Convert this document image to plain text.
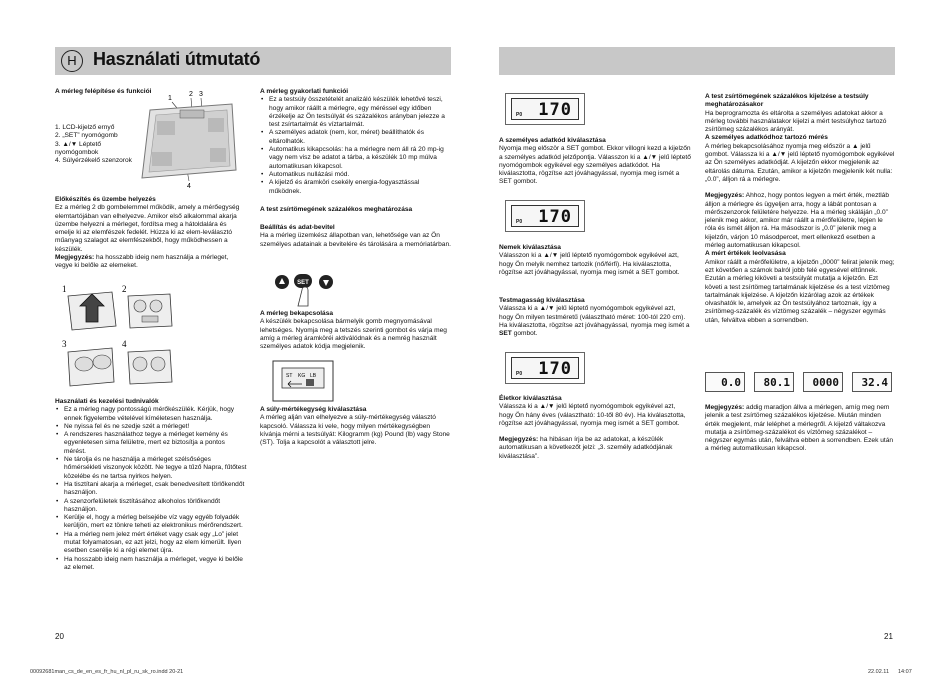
H Használati útmutató

A mérleg felépítése és funkciói

1. LCD-kijelző ernyő

2. „SET” nyomógomb

3. ▲/▼ Léptető

nyomógombok

4. Súlyérzékelő szenzorok

1
2 3
4

Előkészítés és üzembe helyezés

Ez a mérleg 2 db gombelemmel működik, amely a mérőegység elemtartójában van elhelyezve. Amikor első alkalommal akarja üzembe helyezni a mérleget, fordítsa meg a hátoldalára és emelje ki az elemfészek fedelét. Húzza ki az elem-leválasztó műanyag szalagot az elemfészekből, hogy működhessen a készülék.

Megjegyzés: ha hosszabb ideig nem használja a mérleget, vegye ki belőle az elemeket.

1	2
3	4

Használati és kezelési tudnivalók

• Ez a mérleg nagy pontosságú mérőkészülék. Kérjük, hogy ennek figyelembe vételével kíméletesen használja.
• Ne nyissa fel és ne szedje szét a mérleget!
• A rendszeres használathoz tegye a mérleget kemény és egyenletesen sima felületre, mert ez biztosítja a pontos mérést.
• Ne tárolja és ne használja a mérleget szélsőséges hőmérsékleti viszonyok között. Ne tegye a tűző Napra, fűtőtest közelébe és ne tartsa nyirkos helyen.
• Ha tisztítani akarja a mérleget, csak benedvesített törlőkendőt használjon.
• A szenzorfelületek tisztításához alkoholos törlőkendőt használjon.
• Kerülje el, hogy a mérleg belsejébe víz vagy egyéb folyadék kerüljön, mert ez tönkre teheti az elektronikus mérőrendszert.
• Ha a mérleg nem jelez mért értéket vagy csak egy „Lo” jelet mutat folyamatosan, ez azt jelzi, hogy az elem kimerült. Ilyen esetben cserélje ki a régi elemet újra.
• Ha hosszabb ideig nem használja a mérleget, vegye ki belőle az elemet.
20

A mérleg gyakorlati funkciói

• Ez a testsúly összetételét analizáló készülék lehetővé teszi, hogy amikor ráállt a mérlegre, egy méréssel egy időben érzékelje az Ön testsúlyát és százalékos arányban jelezze a test zsírtartalmát és víztartalmát.
• A személyes adatok (nem, kor, méret) beállíthatók és eltárolhatók.
• Automatikus kikapcsolás: ha a mérlegre nem áll rá 20 mp-ig vagy nem visz be adatot a tárba, a készülék 10 mp múlva automatikusan kikapcsol.
• Automatikus nullázási mód.
• A kijelző és áramköri csekély energia-fogyasztással működnek.

A test zsírtömegének százalékos meghatározása

Beállítás és adat-bevitel

Ha a mérleg üzemkész állapotban van, lehetősége van az Ön személyes adatainak a bevitelére és tárolására a memóriatárban.

SET

A mérleg bekapcsolása

A készülék bekapcsolása bármelyik gomb megnyomásával lehetséges. Nyomja meg a tetszés szerinti gombot és várja meg amíg a mérleg áramköréi aktiválódnak és a nemrég használt személyes adatok kódja megjelenik.

ST KG LB

A súly-mértékegység kiválasztása

A mérleg alján van elhelyezve a súly-mértékegység választó kapcsoló. Válassza ki vele, hogy milyen mértékegységben kívánja mérni a testsúlyát: Kilogramm (kg) Pound (lb) vagy Stone (ST). Tolja a kapcsolót a választott jelre.

170
P0

A személyes adatkód kiválasztása

Nyomja meg először a SET gombot. Ekkor villogni kezd a kijelzőn a személyes adatkód jelzőpontja. Válasszon ki a ▲/▼ jelű léptető nyomógombok egyikével egy személyes adatkódot. Ha kiválasztotta, rögzítse azt jóváhagyással, nyomja meg ismét a SET gombot.

170
P0

Nemek kiválasztása

Válasszon ki a ▲/▼ jelű léptető nyomógombok egyikével azt, hogy Ön melyik nemhez tartozik (nő/férfi). Ha kiválasztotta, rögzítse azt jóváhagyással, nyomja meg ismét a SET gombot.

Testmagasság kiválasztása

Válassza ki a ▲/▼ jelű léptető nyomógombok egyikével azt, hogy Ön milyen testméretű (választható méret: 100-tól 220 cm). Ha kiválasztotta, rögzítse azt jóváhagyással, nyomja meg ismét a SET gombot.

170
P0

Életkor kiválasztása

Válassza ki a ▲/▼ jelű léptető nyomógombok egyikével azt, hogy Ön hány éves (választható: 10-től 80 év). Ha kiválasztotta, rögzítse azt jóváhagyással, nyomja meg ismét a SET gombot.

Megjegyzés: ha hibásan írja be az adatokat, a készülék automatikusan a következőt jelzi: „3. személy adatkódjának kiválasztása”.

A test zsírtömegének százalékos kijelzése a testsúly meghatározásakor

Ha beprogramozta és eltárolta a személyes adatokat akkor a mérleg további használatakor kijelzi a mért testsúlyhoz tartozó zsírtömeg százalékos arányát.

A személyes adatkódhoz tartozó mérés

A mérleg bekapcsolásához nyomja meg először a ▲ jelű gombot. Válassza ki a ▲/▼ jelű léptető nyomógombok egyikével az Ön személyes adatkódját. A kijelzőn ekkor megjelenik az eltárolás dátuma. Ezután, amikor a kijelzőn megjelenik két nulla: „0.0”, álljon rá a mérlegre.

Megjegyzés: Ahhoz, hogy pontos legyen a mért érték, meztláb álljon a mérlegre és ügyeljen arra, hogy a lábát pontosan a mérőszenzorok felületére helyezze. Ha a mérleg skáláján „0.0” jelenik meg akkor, amikor már ráállt a mérőfelületre, lépjen le róla és ismét álljon rá. Ha másodszor is „0.0” jelenik meg a kijelzőn, várjon 10 másodpercet, mert ellenkező esetben a mérleg automatikusan kikapcsol.

A mért értékek leolvasása

Amikor ráállt a mérőfelületre, a kijelzőn „0000” felirat jelenik meg; ezt követően a számok balról jobb felé egyesével eltűnnek. Ezután a mérleg kiköveti a testsúlyát mutatja a kijelzőn. Ezt követi a test zsírtömeg tartalmának kijelzése és a test víztömeg tartalmának kijelzése. A kijelzőn kizárólag azok az értékek olvashatók le, amelyek az Ön testsúlyához tartoznak, így a zsírtömeg-százalék és víztömeg százalék – négyszer egymás után, felváltva ebben a sorrendben.

0.0 80.1 0000 32.4

Megjegyzés: addig maradjon állva a mérlegen, amíg meg nem jelenik a test zsírtömeg százalékos kijelzése. Miután minden érték megjelent, már leléphet a mérlegről. A kijelző váltakozva mutatja a zsírtömeg-százalékot és víztömeg százalékot – négyszer egymás után, felváltva ebben a sorrendben. Ezek után a mérleg automatikusan kikapcsol.

21
00092681man_cs_de_en_es_fr_hu_nl_pl_ru_sk_ro.indd 20-21	22.02.11 14:07
